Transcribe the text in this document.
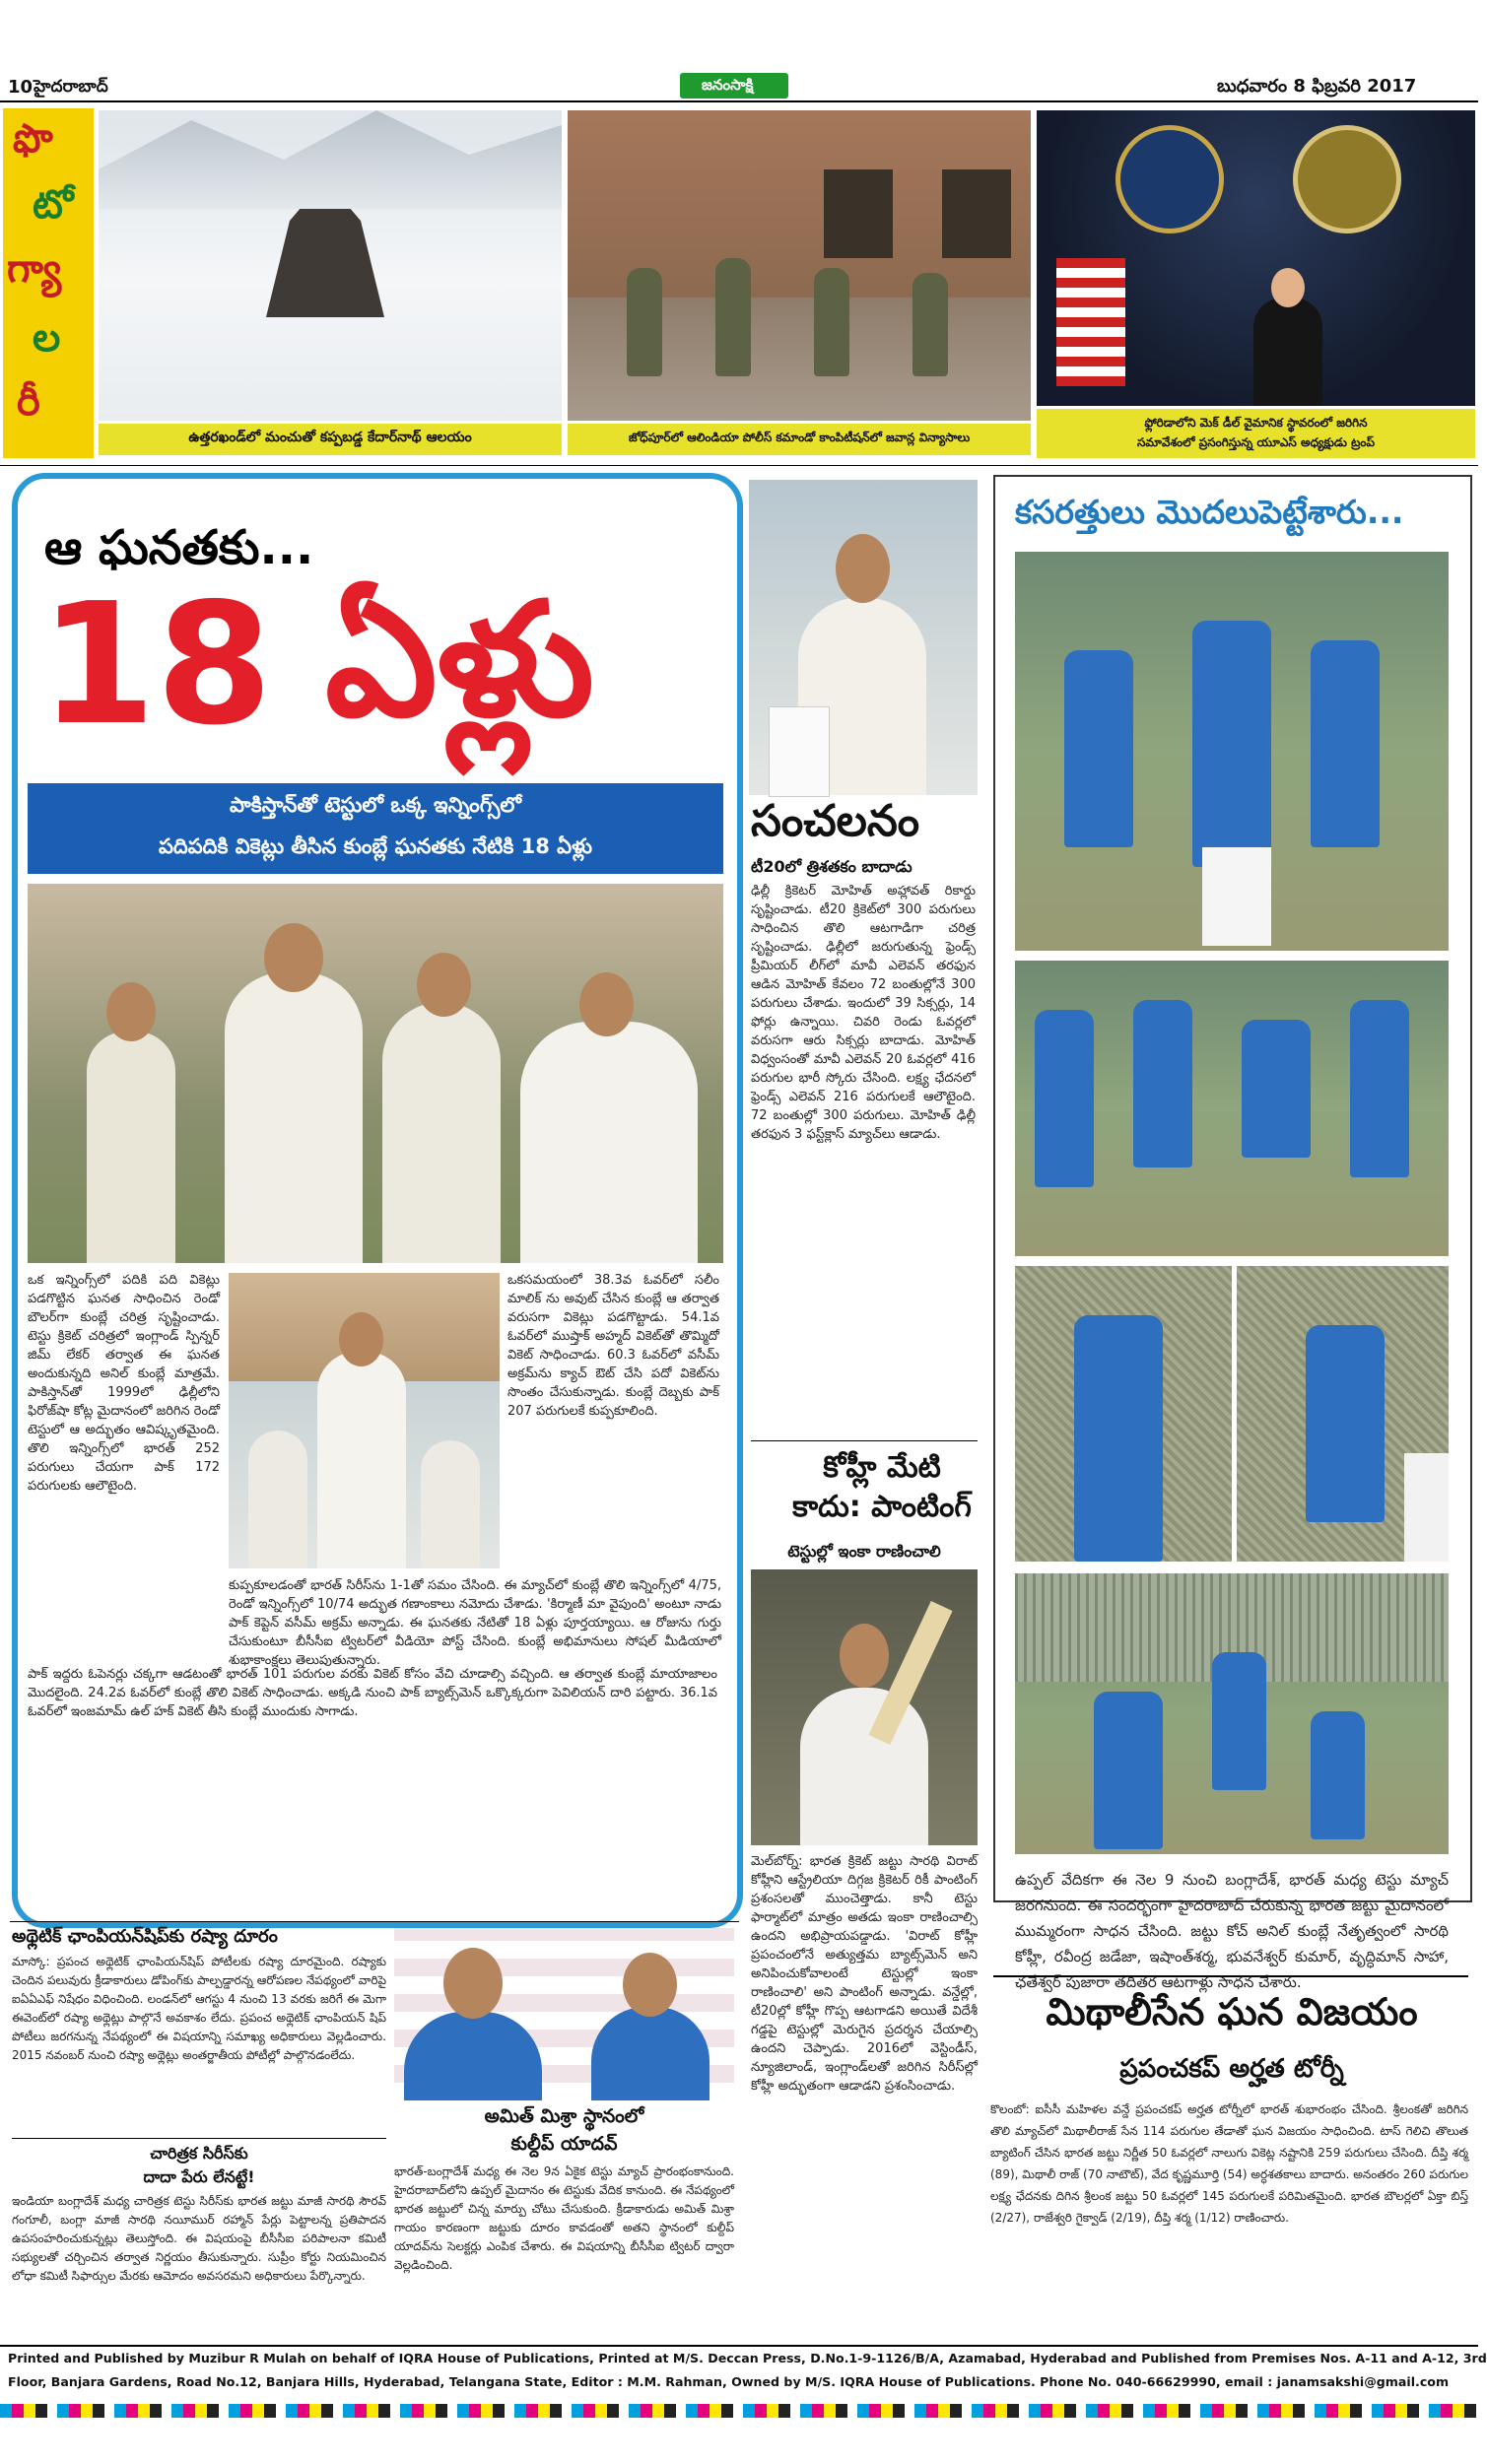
10 హైదరాబాద్	జనంసాక్షి	బుధవారం 8 ఫిబ్రవరి 2017
ఫొ
టో
గ్యా
ల
రీ
ఉత్తరఖండ్‌లో మంచుతో కప్పబడ్డ కేదార్‌నాథ్‌ ఆలయం	జోధ్‌పూర్‌లో ఆలిండియా పోలీస్‌ కమాండో కాంపిటీషన్‌లో జవాన్ల విన్యాసాలు
ఫ్లోరిడాలోని మెక్‌ డీల్‌ వైమానిక స్థావరంలో జరిగిన
సమావేశంలో ప్రసంగిస్తున్న యూఎస్‌ అధ్యక్షుడు ట్రంప్‌
ఆ ఘనతకు...
18 ఏళ్లు
పాకిస్తాన్‌తో టెస్టులో ఒక్క ఇన్నింగ్స్‌లో
పదిపదికి వికెట్లు తీసిన కుంబ్లే ఘనతకు నేటికి 18 ఏళ్లు
ఒక ఇన్నింగ్స్‌లో పదికి పది వికెట్లు పడగొట్టిన ఘనత సాధించిన రెండో బౌలర్‌గా కుంబ్లే చరిత్ర సృష్టించాడు. టెస్టు క్రికెట్‌ చరిత్రలో ఇంగ్లాండ్‌ స్పిన్నర్‌ జిమ్‌ లేకర్‌ తర్వాత ఈ ఘనత అందుకున్నది అనిల్‌ కుంబ్లే మాత్రమే. పాకిస్తాన్‌తో 1999లో ఢిల్లీలోని ఫిరోజ్‌షా కోట్ల మైదానంలో జరిగిన రెండో టెస్టులో ఆ అద్భుతం ఆవిష్కృతమైంది. తొలి ఇన్నింగ్స్‌లో భారత్‌ 252 పరుగులు చేయగా పాక్‌ 172 పరుగులకు ఆలౌటైంది.
ఒకసమయంలో 38.3వ ఓవర్‌లో సలీం మాలిక్‌ ను అవుట్‌ చేసిన కుంబ్లే ఆ తర్వాత వరుసగా వికెట్లు పడగొట్టాడు. 54.1వ ఓవర్‌లో ముష్తాక్‌ అహ్మద్‌ వికెట్‌తో తొమ్మిదో వికెట్‌ సాధించాడు. 60.3 ఓవర్‌లో వసీమ్‌ అక్రమ్‌ను క్యాచ్‌ ఔట్‌ చేసి పదో వికెట్‌ను సొంతం చేసుకున్నాడు. కుంబ్లే దెబ్బకు పాక్‌ 207 పరుగులకే కుప్పకూలింది.
కుప్పకూలడంతో భారత్‌ సిరీస్‌ను 1-1తో సమం చేసింది. ఈ మ్యాచ్‌లో కుంబ్లే తొలి ఇన్నింగ్స్‌లో 4/75, రెండో ఇన్నింగ్స్‌లో 10/74 అద్భుత గణాంకాలు నమోదు చేశాడు. 'కిర్మాణీ మా వైపుంది' అంటూ నాడు పాక్‌ కెప్టెన్‌ వసీమ్‌ అక్రమ్‌ అన్నాడు. ఈ ఘనతకు నేటితో 18 ఏళ్లు పూర్తయ్యాయి. ఆ రోజును గుర్తు చేసుకుంటూ బీసీసీఐ ట్విటర్‌లో వీడియో పోస్ట్‌ చేసింది. కుంబ్లే అభిమానులు సోషల్‌ మీడియాలో శుభాకాంక్షలు తెలుపుతున్నారు.
పాక్‌ ఇద్దరు ఓపెనర్లు చక్కగా ఆడటంతో భారత్‌ 101 పరుగుల వరకు వికెట్‌ కోసం వేచి చూడాల్సి వచ్చింది. ఆ తర్వాత కుంబ్లే మాయాజాలం మొదలైంది. 24.2వ ఓవర్‌లో కుంబ్లే తొలి వికెట్‌ సాధించాడు. అక్కడి నుంచి పాక్‌ బ్యాట్స్‌మెన్‌ ఒక్కొక్కరుగా పెవిలియన్‌ దారి పట్టారు. 36.1వ ఓవర్‌లో ఇంజమామ్‌ ఉల్‌ హక్‌ వికెట్‌ తీసి కుంబ్లే ముందుకు సాగాడు.
సంచలనం
టీ20లో త్రిశతకం బాదాడు
ఢిల్లీ క్రికెటర్‌ మోహిత్‌ అహ్లావత్‌ రికార్డు సృష్టించాడు. టీ20 క్రికెట్‌లో 300 పరుగులు సాధించిన తొలి ఆటగాడిగా చరిత్ర సృష్టించాడు. ఢిల్లీలో జరుగుతున్న ఫ్రెండ్స్‌ ప్రీమియర్‌ లీగ్‌లో మావీ ఎలెవన్‌ తరఫున ఆడిన మోహిత్‌ కేవలం 72 బంతుల్లోనే 300 పరుగులు చేశాడు. ఇందులో 39 సిక్సర్లు, 14 ఫోర్లు ఉన్నాయి. చివరి రెండు ఓవర్లలో వరుసగా ఆరు సిక్సర్లు బాదాడు. మోహిత్‌ విధ్వంసంతో మావీ ఎలెవన్‌ 20 ఓవర్లలో 416 పరుగుల భారీ స్కోరు చేసింది. లక్ష్య ఛేదనలో ఫ్రెండ్స్‌ ఎలెవన్‌ 216 పరుగులకే ఆలౌటైంది. 72 బంతుల్లో 300 పరుగులు. మోహిత్‌ ఢిల్లీ తరఫున 3 ఫస్ట్‌క్లాస్‌ మ్యాచ్‌లు ఆడాడు.
కోహ్లీ మేటి కాదు: పాంటింగ్‌
టెస్టుల్లో ఇంకా రాణించాలి
మెల్‌బోర్న్‌: భారత క్రికెట్‌ జట్టు సారథి విరాట్‌ కోహ్లీని ఆస్ట్రేలియా దిగ్గజ క్రికెటర్‌ రికీ పాంటింగ్‌ ప్రశంసలతో ముంచెత్తాడు. కానీ టెస్టు ఫార్మాట్‌లో మాత్రం అతడు ఇంకా రాణించాల్సి ఉందని అభిప్రాయపడ్డాడు. 'విరాట్‌ కోహ్లీ ప్రపంచంలోనే అత్యుత్తమ బ్యాట్స్‌మెన్‌ అని అనిపించుకోవాలంటే టెస్టుల్లో ఇంకా రాణించాలి' అని పాంటింగ్‌ అన్నాడు. వన్డేల్లో, టీ20ల్లో కోహ్లీ గొప్ప ఆటగాడని అయితే విదేశీ గడ్డపై టెస్టుల్లో మెరుగైన ప్రదర్శన చేయాల్సి ఉందని చెప్పాడు. 2016లో వెస్టిండీస్‌, న్యూజిలాండ్‌, ఇంగ్లాండ్‌లతో జరిగిన సిరీస్‌ల్లో కోహ్లీ అద్భుతంగా ఆడాడని ప్రశంసించాడు.
కసరత్తులు మొదలుపెట్టేశారు...
ఉప్పల్‌ వేదికగా ఈ నెల 9 నుంచి బంగ్లాదేశ్‌, భారత్‌ మధ్య టెస్టు మ్యాచ్‌ జరగనుంది. ఈ సందర్భంగా హైదరాబాద్‌ చేరుకున్న భారత జట్టు మైదానంలో ముమ్మరంగా సాధన చేసింది. జట్టు కోచ్‌ అనిల్‌ కుంబ్లే నేతృత్వంలో సారథి కోహ్లీ, రవీంద్ర జడేజా, ఇషాంత్‌శర్మ, భువనేశ్వర్‌ కుమార్‌, వృద్ధిమాన్‌ సాహా, ఛతేశ్వర్‌ పుజారా తదితర ఆటగాళ్లు సాధన చేశారు.
మిథాలీసేన ఘన విజయం
ప్రపంచకప్‌ అర్హత టోర్నీ
కొలంబో: ఐసీసీ మహిళల వన్డే ప్రపంచకప్‌ అర్హత టోర్నీలో భారత్‌ శుభారంభం చేసింది. శ్రీలంకతో జరిగిన తొలి మ్యాచ్‌లో మిథాలీరాజ్‌ సేన 114 పరుగుల తేడాతో ఘన విజయం సాధించింది. టాస్‌ గెలిచి తొలుత బ్యాటింగ్‌ చేసిన భారత జట్టు నిర్ణీత 50 ఓవర్లలో నాలుగు వికెట్ల నష్టానికి 259 పరుగులు చేసింది. దీప్తి శర్మ (89), మిథాలీ రాజ్‌ (70 నాటౌట్‌), వేద కృష్ణమూర్తి (54) అర్ధశతకాలు బాదారు. అనంతరం 260 పరుగుల లక్ష్య ఛేదనకు దిగిన శ్రీలంక జట్టు 50 ఓవర్లలో 145 పరుగులకే పరిమితమైంది. భారత బౌలర్లలో ఏక్తా బిస్త్‌ (2/27), రాజేశ్వరి గైక్వాడ్‌ (2/19), దీప్తి శర్మ (1/12) రాణించారు.
అథ్లెటిక్‌ ఛాంపియన్‌షిప్‌కు రష్యా దూరం
మాస్కో: ప్రపంచ అథ్లెటిక్‌ ఛాంపియన్‌షిప్‌ పోటీలకు రష్యా దూరమైంది. రష్యాకు చెందిన పలువురు క్రీడాకారులు డోపింగ్‌కు పాల్పడ్డారన్న ఆరోపణల నేపథ్యంలో వారిపై ఐఏఏఎఫ్‌ నిషేధం విధించింది. లండన్‌లో ఆగస్టు 4 నుంచి 13 వరకు జరిగే ఈ మెగా ఈవెంట్‌లో రష్యా అథ్లెట్లు పాల్గొనే అవకాశం లేదు. ప్రపంచ అథ్లెటిక్‌ ఛాంపియన్‌ షిప్‌ పోటీలు జరగనున్న నేపథ్యంలో ఈ విషయాన్ని సమాఖ్య అధికారులు వెల్లడించారు. 2015 నవంబర్‌ నుంచి రష్యా అథ్లెట్లు అంతర్జాతీయ పోటీల్లో పాల్గొనడంలేదు.
చారిత్రక సిరీస్‌కు
దాదా పేరు లేనట్టే!
ఇండియా బంగ్లాదేశ్‌ మధ్య చారిత్రక టెస్టు సిరీస్‌కు భారత జట్టు మాజీ సారథి సౌరవ్‌ గంగూలీ, బంగ్లా మాజీ సారథి నయీముర్‌ రహ్మాన్‌ పేర్లు పెట్టాలన్న ప్రతిపాదన ఉపసంహరించుకున్నట్లు తెలుస్తోంది. ఈ విషయంపై బీసీసీఐ పరిపాలనా కమిటీ సభ్యులతో చర్చించిన తర్వాత నిర్ణయం తీసుకున్నారు. సుప్రీం కోర్టు నియమించిన లోధా కమిటీ సిఫార్సుల మేరకు ఆమోదం అవసరమని అధికారులు పేర్కొన్నారు.
అమిత్‌ మిశ్రా స్థానంలో
కుల్దీప్‌ యాదవ్‌
భారత్‌-బంగ్లాదేశ్‌ మధ్య ఈ నెల 9న ఏకైక టెస్టు మ్యాచ్‌ ప్రారంభంకానుంది. హైదరాబాద్‌లోని ఉప్పల్‌ మైదానం ఈ టెస్టుకు వేదిక కానుంది. ఈ నేపథ్యంలో భారత జట్టులో చిన్న మార్పు చోటు చేసుకుంది. క్రీడాకారుడు అమిత్‌ మిశ్రా గాయం కారణంగా జట్టుకు దూరం కావడంతో అతని స్థానంలో కుల్దీప్‌ యాదవ్‌ను సెలక్టర్లు ఎంపిక చేశారు. ఈ విషయాన్ని బీసీసీఐ ట్విటర్‌ ద్వారా వెల్లడించింది.
Printed and Published by Muzibur R Mulah on behalf of IQRA House of Publications, Printed at M/S. Deccan Press, D.No.1-9-1126/B/A, Azamabad, Hyderabad and Published from Premises Nos. A-11 and A-12, 3rd
Floor, Banjara Gardens, Road No.12, Banjara Hills, Hyderabad, Telangana State, Editor : M.M. Rahman, Owned by M/S. IQRA House of Publications. Phone No. 040-66629990, email : janamsakshi@gmail.com
